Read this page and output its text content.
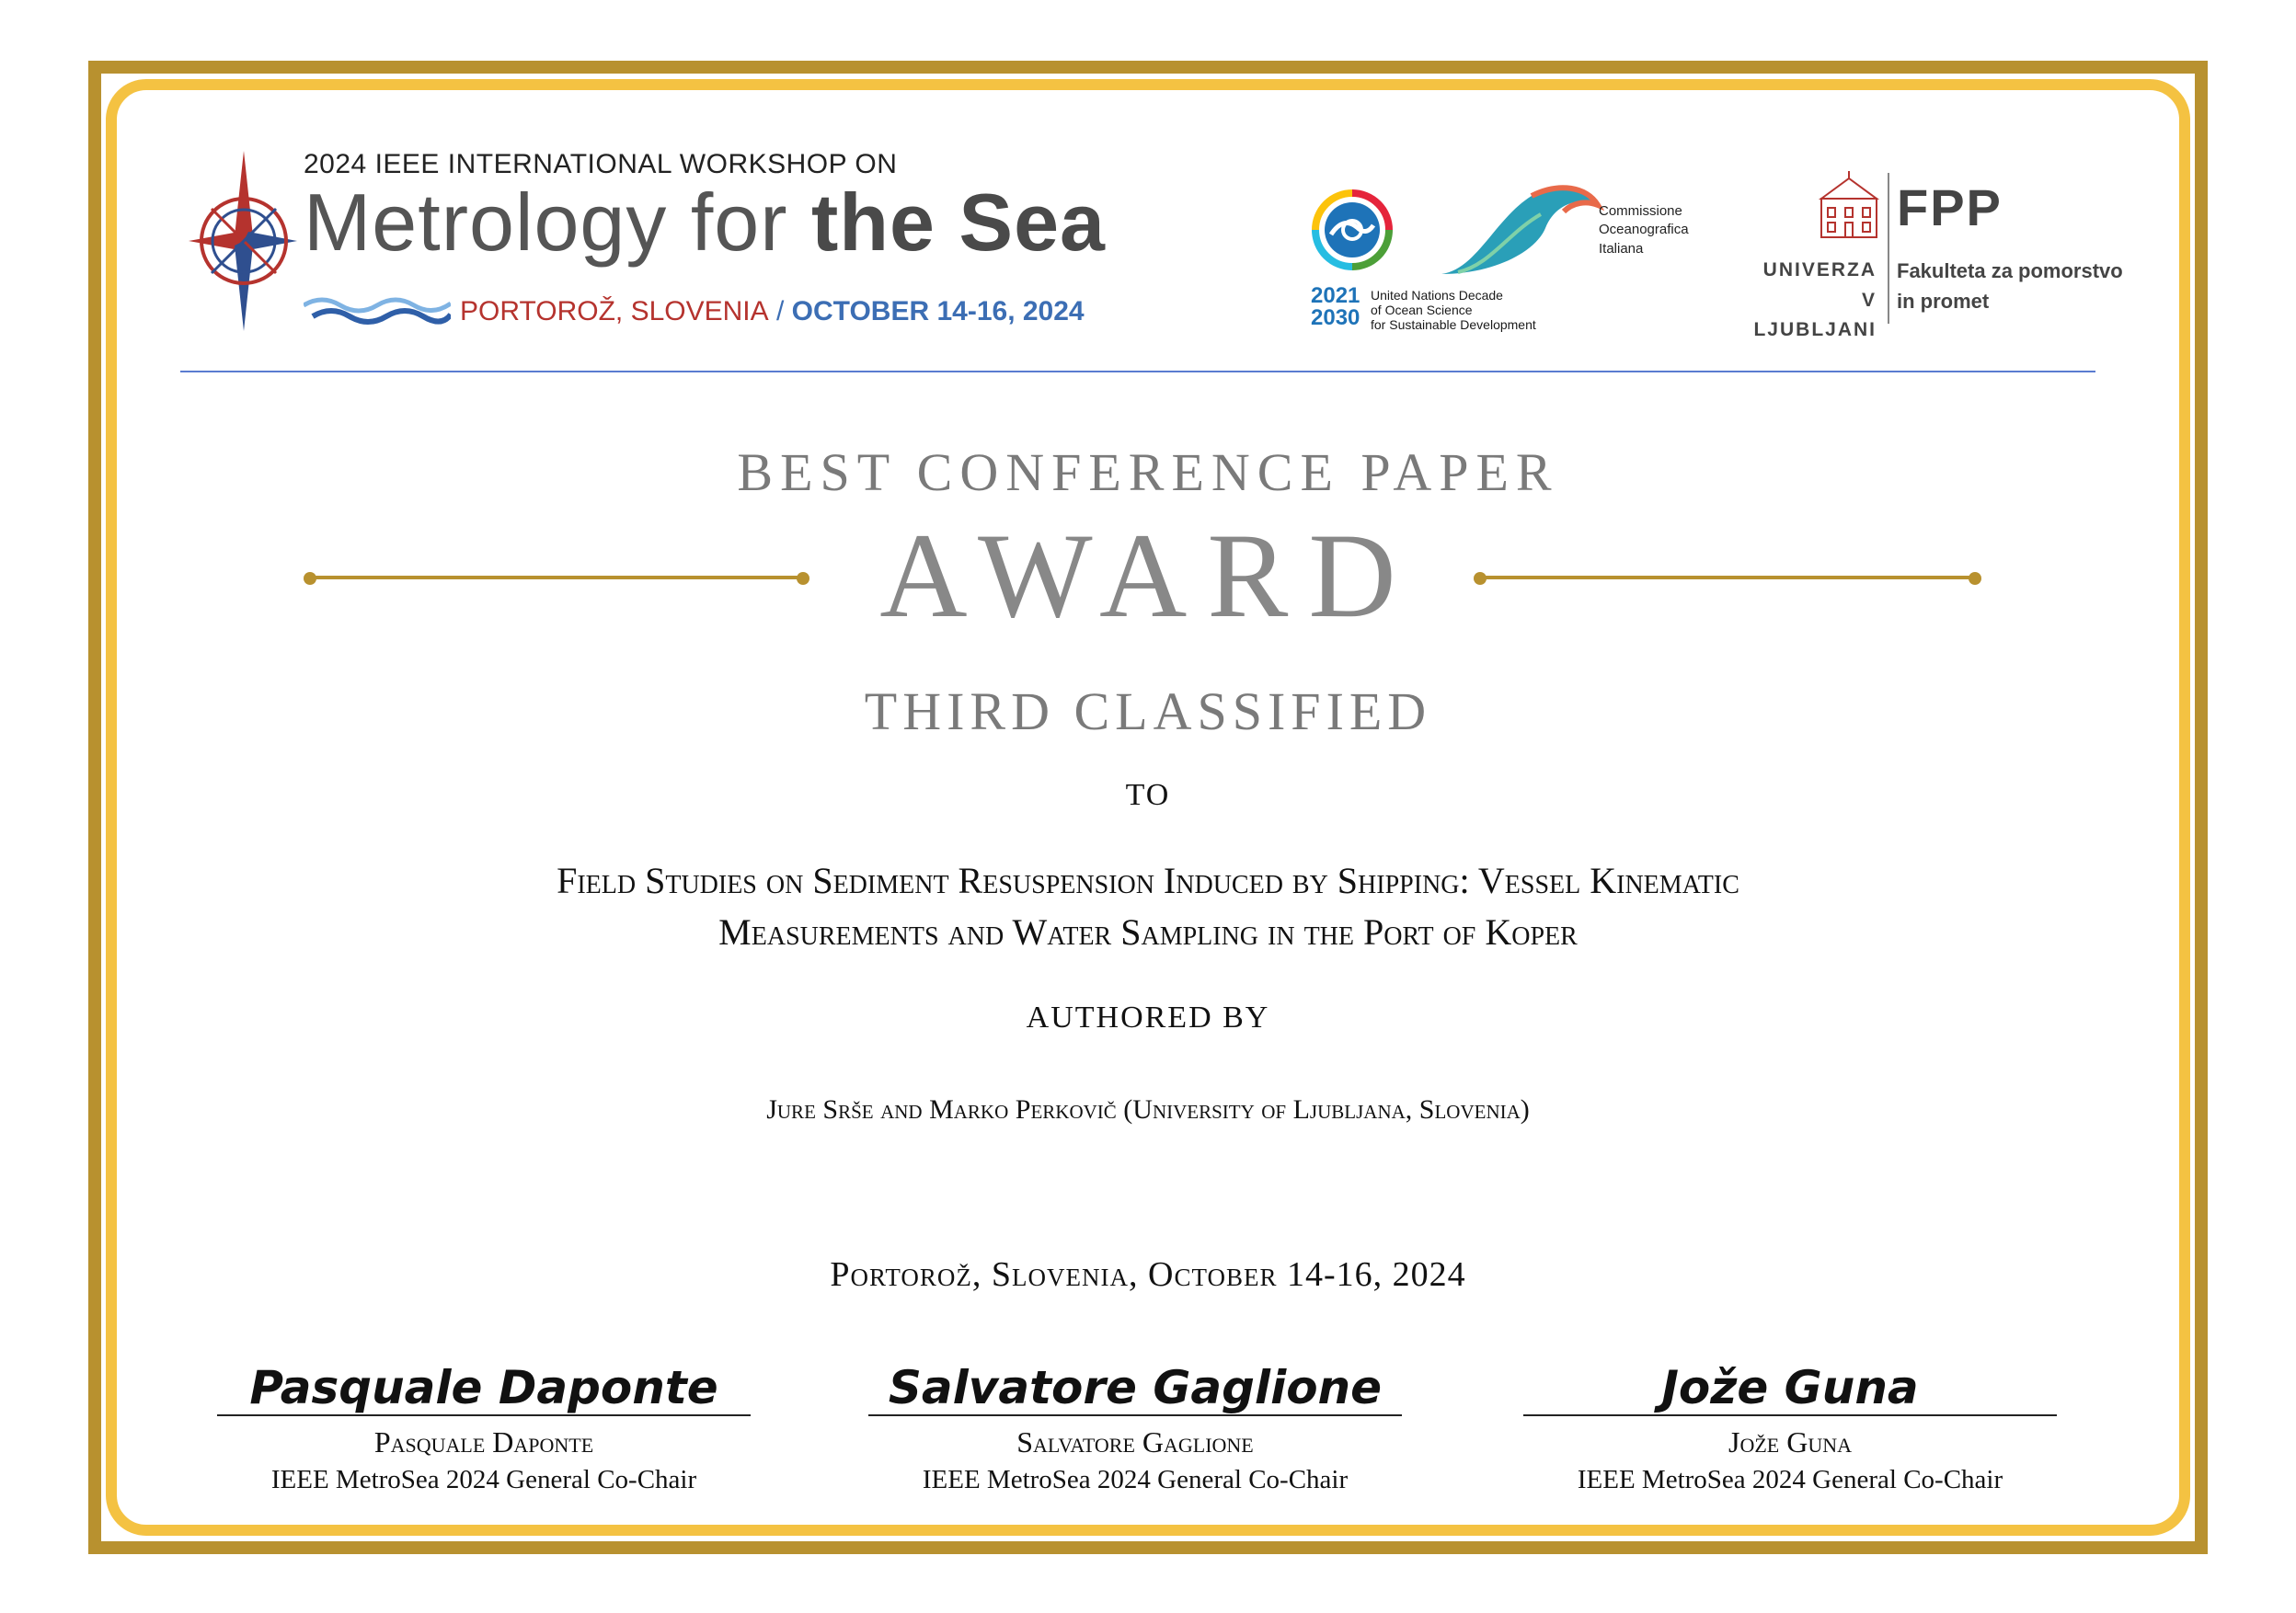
2024 IEEE INTERNATIONAL WORKSHOP ON
Metrology for the Sea
PORTOROŽ, SLOVENIA / OCTOBER 14-16, 2024
2021
2030
United Nations Decade
of Ocean Science
for Sustainable Development
Commissione
Oceanografica
Italiana
UNIVERZA
V LJUBLJANI
FPP
Fakulteta za pomorstvo
in promet
BEST CONFERENCE PAPER
AWARD
THIRD CLASSIFIED
TO
Field Studies on Sediment Resuspension Induced by Shipping: Vessel Kinematic
Measurements and Water Sampling in the Port of Koper
AUTHORED BY
Jure Srše and Marko Perkovič (University of Ljubljana, Slovenia)
Portorož, Slovenia, October 14-16, 2024
Pasquale Daponte
Pasquale Daponte
IEEE MetroSea 2024 General Co-Chair
Salvatore Gaglione
Salvatore Gaglione
IEEE MetroSea 2024 General Co-Chair
Jože Guna
Jože Guna
IEEE MetroSea 2024 General Co-Chair
